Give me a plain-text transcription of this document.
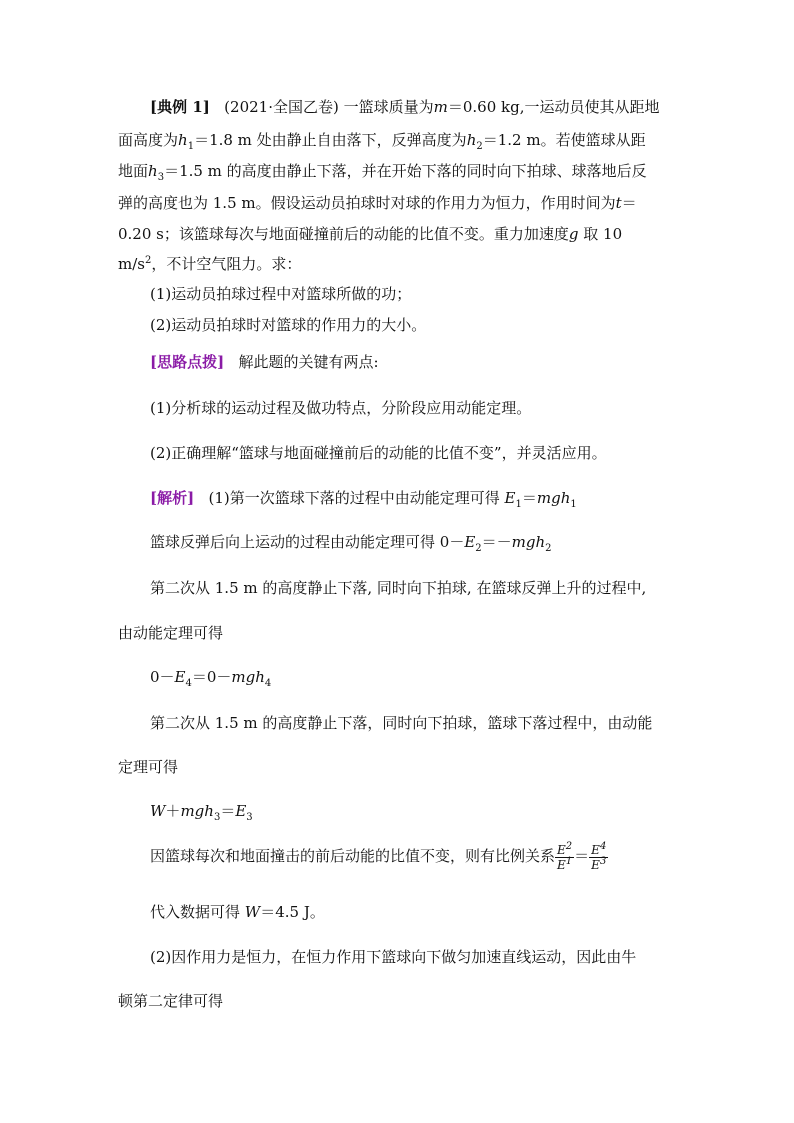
[典例 1] (2021·全国乙卷) 一篮球质量为m＝0.60 kg,一运动员使其从距地
面高度为$h_1=1.8$ m 处由静止自由落下，反弹高度为$h_2=1.2$ m。若使篮球从距
地面$h_3=1.5$ m 的高度由静止下落，并在开始下落的同时向下拍球、球落地后反
弹的高度也为 1.5 m。假设运动员拍球时对球的作用力为恒力，作用时间为t＝
0.20 s；该篮球每次与地面碰撞前后的动能的比值不变。重力加速度g 取 10
$m/s^2$，不计空气阻力。求：
(1)运动员拍球过程中对篮球所做的功；
(2)运动员拍球时对篮球的作用力的大小。
[思路点拨] 解此题的关键有两点:
(1)分析球的运动过程及做功特点，分阶段应用动能定理。
(2)正确理解“篮球与地面碰撞前后的动能的比值不变”，并灵活应用。
[解析] (1)第一次篮球下落的过程中由动能定理可得 $E_1=mgh_1$
篮球反弹后向上运动的过程由动能定理可得 $0-E_2=-mgh_2$
第二次从 1.5 m 的高度静止下落, 同时向下拍球, 在篮球反弹上升的过程中,
由动能定理可得
$0-E_4=0-mgh_4$
第二次从 1.5 m 的高度静止下落，同时向下拍球，篮球下落过程中，由动能
定理可得
$W+mgh_3=E_3$
因篮球每次和地面撞击的前后动能的比值不变，则有比例关系 $\frac{E^2}{E^1} = \frac{E^4}{E^3}$
代入数据可得 W＝4.5 J。
(2)因作用力是恒力，在恒力作用下篮球向下做匀加速直线运动，因此由牛
顿第二定律可得
